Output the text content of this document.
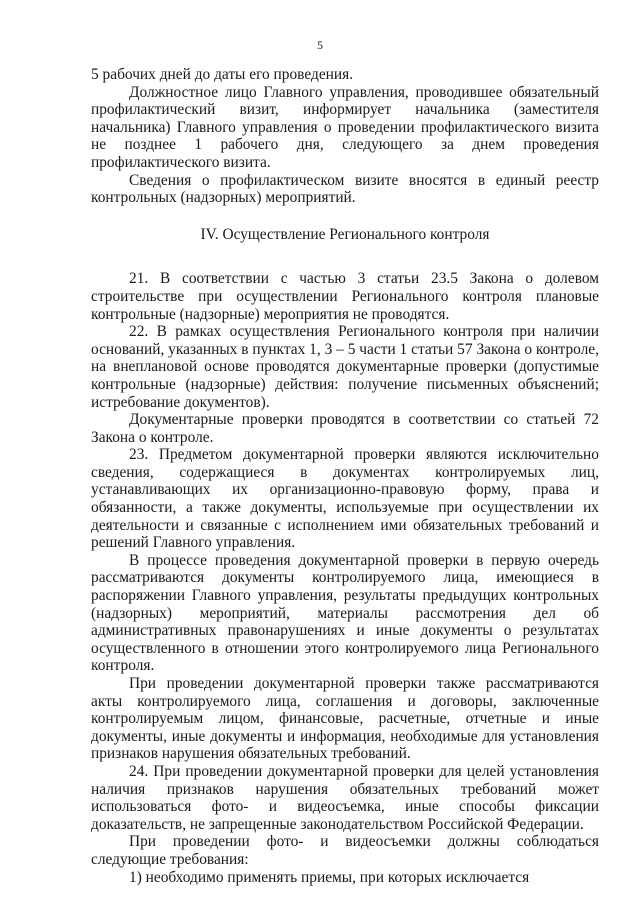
5

5 рабочих дней до даты его проведения.

Должностное лицо Главного управления, проводившее обязательный профилактический визит, информирует начальника (заместителя начальника) Главного управления о проведении профилактического визита не позднее 1 рабочего дня, следующего за днем проведения профилактического визита.

Сведения о профилактическом визите вносятся в единый реестр контрольных (надзорных) мероприятий.

IV. Осуществление Регионального контроля

21. В соответствии с частью 3 статьи 23.5 Закона о долевом строительстве при осуществлении Регионального контроля плановые контрольные (надзорные) мероприятия не проводятся.

22. В рамках осуществления Регионального контроля при наличии оснований, указанных в пунктах 1, 3 – 5 части 1 статьи 57 Закона о контроле, на внеплановой основе проводятся документарные проверки (допустимые контрольные (надзорные) действия: получение письменных объяснений; истребование документов).

Документарные проверки проводятся в соответствии со статьей 72 Закона о контроле.

23. Предметом документарной проверки являются исключительно сведения, содержащиеся в документах контролируемых лиц, устанавливающих их организационно-правовую форму, права и обязанности, а также документы, используемые при осуществлении их деятельности и связанные с исполнением ими обязательных требований и решений Главного управления.

В процессе проведения документарной проверки в первую очередь рассматриваются документы контролируемого лица, имеющиеся в распоряжении Главного управления, результаты предыдущих контрольных (надзорных) мероприятий, материалы рассмотрения дел об административных правонарушениях и иные документы о результатах осуществленного в отношении этого контролируемого лица Регионального контроля.

При проведении документарной проверки также рассматриваются акты контролируемого лица, соглашения и договоры, заключенные контролируемым лицом, финансовые, расчетные, отчетные и иные документы, иные документы и информация, необходимые для установления признаков нарушения обязательных требований.

24. При проведении документарной проверки для целей установления наличия признаков нарушения обязательных требований может использоваться фото- и видеосъемка, иные способы фиксации доказательств, не запрещенные законодательством Российской Федерации.

При проведении фото- и видеосъемки должны соблюдаться следующие требования:

1) необходимо применять приемы, при которых исключается
